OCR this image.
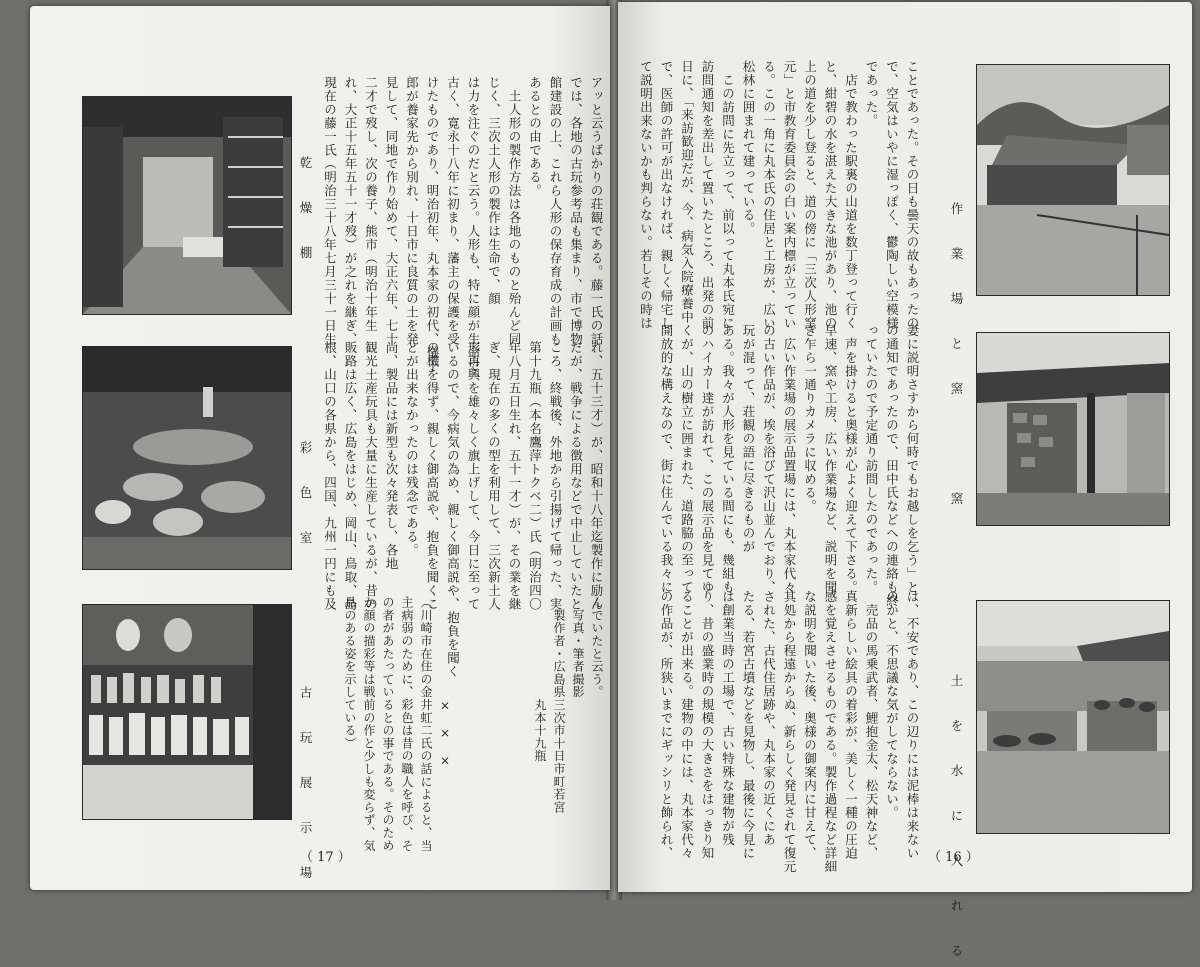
乾　燥　棚
彩　色　室
古　玩　展　示　場
アッと云うばかりの荘観である。藤一氏の話
では、各地の古玩参考品も集まり、市で博物
館建設の上、これら人形の保存育成の計画も
あるとの由である。
　土人形の製作方法は各地のものと殆んど同
じく、三次土人形の製作は生命で、顔
は力を注ぐのだと云う。人形も、特に顔が生命で、
古く、寛永十八年に初まり、藩主の保護を受
けたものであり、明治初年、丸本家の初代、儀十
郎が養家先から別れ、十日市に良質の土を発
見して、同地で作り始めて、大正六年、七十
二才で歿し、次の養子、熊市（明治十年生
れ、大正十五年五十一才歿）が之れを継ぎ、
現在の藤一氏（明治三十八年七月三十一日生
れ、五十三才）が、昭和十八年迄製作に励ん
だが、戦争による徴用などで中止していたと
ころ、終戦後、外地から引揚げて帰った、実
第十九瓶（本名鷹萍トクベ二）氏（明治四〇
年八月五日生れ、五十一才）が、その業を継
ぎ、現在の多くの型を利用して、三次新土人
形再興を雄々しく旗上げして、今日に至って
いるので、今病気の為め、親しく御高説や、抱負を聞く
の機を得ず、親しく御高説や、抱負を聞くこ
とが出来なかったのは残念である。
尚、製品には新型も次々発表し、各地
観光土産玩具も大量に生産しているが、昔の
販路は広く、広島をはじめ、岡山、鳥取、島
根、山口の各県から、四国、九州一円にも及
んでいたと云う。
　写真・筆者撮影
　製作者・広島県三次市十日市町若宮
　　　　　　　　丸本十九瓶

　　　　　　　　×　×　×
（川崎市在住の金井虹二氏の話によると、当
主病弱のために、彩色は昔の職人を呼び、そ
の者があたっているとの事である。そのため
か顔の描彩等は戦前の作と少しも変らず、気
品のある姿を示している）
（ 17 ）
ことであった。その日も曇天の故もあったの
で、空気はいやに湿っぽく、鬱陶しい空模様
であった。
　店で教わった駅裏の山道を数丁登って行く
と、紺碧の水を湛えた大きな池があり、池の
上の道を少し登ると、道の傍に「三次人形窯
元」と市教育委員会の白い案内標が立ってい
る。この一角に丸本氏の住居と工房が、広い
松林に囲まれて建っている。
　この訪問に先立って、前以って丸本氏宛に
訪問通知を差出して置いたところ、出発の前
日に、「来訪歓迎だが、今、病気入院療養中
で、医師の許可が出なければ、親しく帰宅し
て説明出来ないかも判らない。若しその時は
妻に説明さすから何時でもお越しを乞う」と
の通知であったので、田中氏などへの連絡も終
っていたので予定通り訪問したのであった。
　声を掛けると奥様が心よく迎えて下さる。
早速、窯や工房、広い作業場など、説明を聞
き乍ら一通りカメラに収める。
　広い作業場の展示品置場には、丸本家代々
の古い作品が、埃を浴びて沢山並んでおり、
玩が混って、荘観の語に尽きるものが
ある。我々が人形を見ている間にも、幾組も
のハイカー達が訪れて、この展示品を見てゆ
くが、山の樹立に囲まれた、道路脇の至って
開放的な構えなので、街に住んでいる我々に
は、不安であり、この辺りには泥棒は来ない
のかと、不思議な気がしてならない。
　売品の馬乗武者、鯉抱金太、松天神など、
真新らしい絵具の着彩が、美しく一種の圧迫
感を覚えさせるものである。製作過程など詳細
な説明を聞いた後、奥様の御案内に甘えて、
其処から程遠からぬ、新らしく発見されて復元
された、古代住居跡や、丸本家の近くにあ
たる、若宮古墳などを見物し、最後に今見に
は創業当時の工場で、古い特殊な建物が残
り、昔の盛業時の規模の大きさをはっきり知
ることが出来る。建物の中には、丸本家代々
の作品が、所狭いまでにギッシリと飾られ、
作　業　場　と　窯
窯
土　を　水　に　入　れ　る
（ 16 ）
